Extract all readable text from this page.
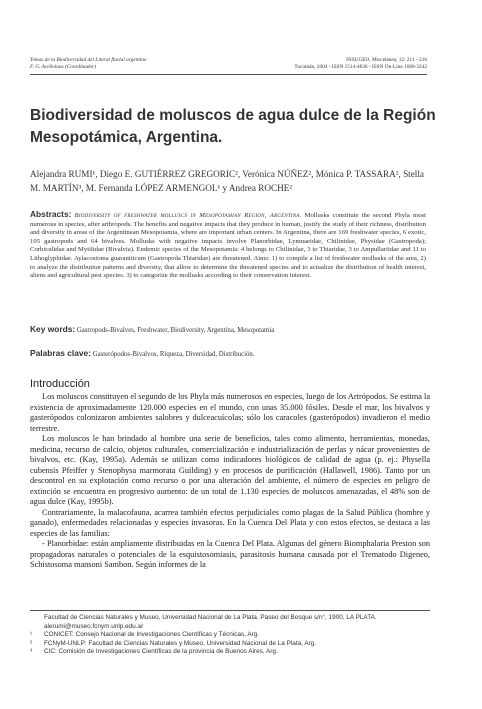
Temas de la Biodiversidad del Litoral fluvial argentino
F. G. Aceñolaza (Coordinador)
INSUGEO, Miscelánea, 12: 211 - 216
Tucumán, 2004 - ISSN 1514-4836 - ISSN On-Line 1668-3242
Biodiversidad de moluscos de agua dulce de la Región Mesopotámica, Argentina.
Alejandra RUMI¹, Diego E. GUTIÉRREZ GREGORIC², Verónica NÚÑEZ², Mónica P. TASSARA², Stella M. MARTÍN³, M. Fernanda LÓPEZ ARMENGOL¹ y Andrea ROCHE²
Abstracts: Biodiversity of freshwater molluscs in Mesopotamian Region, Argentina. Mollusks constitute the second Phyla most numerous in species, after arthropods. The benefits and negative impacts that they produce in human, justify the study of their richness, distribution and diversity in areas of the Argentinean Mesopotamia, where are important urban centers. In Argentina, there are 169 freshwater species, 6 exotic, 105 gastropods and 64 bivalves. Mollusks with negative impacts involve Planorbidae, Lymnaeidae, Chilinidae, Physidae (Gastropoda); Corbiculidae and Mytilidae (Bivalvia). Endemic species of the Mesopotamia: 4 belongs to Chilinidae, 3 to Thiaridae, 3 to Ampullariidae and 11 to Lithoglyphidae. Aylacostoma guaraniticum (Gastropoda Thiaridae) are threatened. Aims: 1) to compile a list of freshwater mollusks of the area, 2) to analyze the distribution patterns and diversity, that allow to determine the threatened species and to actualize the distribution of health interest, aliens and agricultural pest species. 3) to categorize the mollusks according to their conservation interest.
Key words: Gastropods-Bivalves, Freshwater, Biodiversity, Argentina, Mesopotamia
Palabras clave: Gasterópodos-Bivalvos, Riqueza, Diversidad, Distribución.
Introducción

Los moluscos constituyen el segundo de los Phyla más numerosos en especies, luego de los Artrópodos. Se estima la existencia de aproximadamente 120.000 especies en el mundo, con unas 35.000 fósiles. Desde el mar, los bivalvos y gasterópodos colonizaron ambientes salobres y dulceacuícolas; sólo los caracoles (gasterópodos) invadieron el medio terrestre.

Los moluscos le han brindado al hombre una serie de beneficios, tales como alimento, herramientas, monedas, medicina, recurso de calcio, objetos culturales, comercialización e industrialización de perlas y nácar provenientes de bivalvos, etc. (Kay, 1995a). Además se utilizan como indicadores biológicos de calidad de agua (p. ej.: Physella cubensis Pfeiffer y Stenophysa marmorata Guilding) y en procesos de purificación (Hallawell, 1986). Tanto por un descontrol en su explotación como recurso o por una alteración del ambiente, el número de especies en peligro de extinción se encuentra en progresivo aumento: de un total de 1.130 especies de moluscos amenazadas, el 48% son de agua dulce (Kay, 1995b).

Contrariamente, la malacofauna, acarrea también efectos perjudiciales como plagas de la Salud Pública (hombre y ganado), enfermedades relacionadas y especies invasoras. En la Cuenca Del Plata y con estos efectos, se destaca a las especies de las familias:

- Planorbidae: están ampliamente distribuidas en la Cuenca Del Plata. Algunas del género Biomphalaria Preston son propagadoras naturales o potenciales de la esquistosomiasis, parasitosis humana causada por el Trematodo Digeneo, Schistosoma mansoni Sambon. Según informes de la

Facultad de Ciencias Naturales y Museo, Universidad Nacional de La Plata. Paseo del Bosque s/n°, 1900, LA PLATA. alerumi@museo.fcnym.unlp.edu.ar
¹	CONICET: Consejo Nacional de Investigaciones Científicas y Técnicas, Arg.
²	FCNyM-UNLP: Facultad de Ciencias Naturales y Museo, Universidad Nacional de La Plata, Arg.
³	CIC: Comisión de Investigaciones Científicas de la provincia de Buenos Aires, Arg.
